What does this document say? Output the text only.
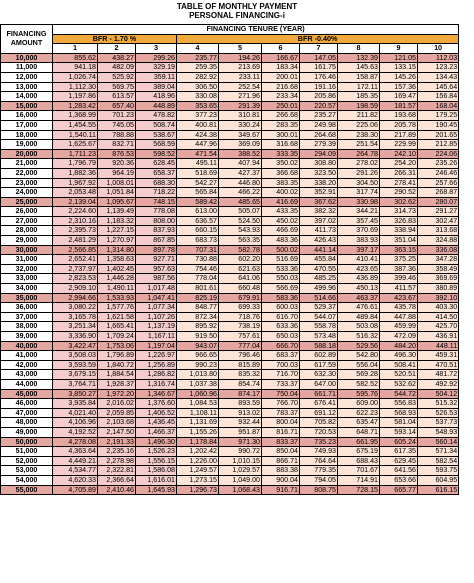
TABLE OF MONTHLY PAYMENT
PERSONAL FINANCING-i
FINANCING
AMOUNT	FINANCING TENURE (YEAR)									
	BFR - 1.70 %			BFR -0.40%						
	1	2	3	4	5	6	7	8	9	10
10,000	855.62	438.27	299.26	235.77	194.26	166.67	147.05	132.39	121.05	112.03
11,000	941.18	482.09	329.19	259.35	213.69	183.34	161.75	145.63	133.15	123.23
12,000	1,026.74	525.92	359.11	282.92	233.11	200.01	176.46	158.87	145.26	134.43
13,000	1,112.30	569.75	389.04	306.50	252.54	216.68	191.16	172.11	157.36	145.64
14,000	1,197.86	613.57	418.96	330.08	271.96	233.34	205.86	185.35	169.47	156.84
15,000	1,283.42	657.40	448.89	353.65	291.39	250.01	220.57	198.59	181.57	168.04
16,000	1,368.99	701.23	478.82	377.23	310.81	266.68	235.27	211.82	193.68	179.25
17,000	1,454.55	745.05	508.74	400.81	330.24	283.35	249.98	225.06	205.78	190.45
18,000	1,540.11	788.88	538.67	424.38	349.67	300.01	264.68	238.30	217.89	201.65
19,000	1,625.67	832.71	568.59	447.96	369.09	316.68	279.39	251.54	229.99	212.85
20,000	1,711.23	876.53	598.52	471.54	388.52	333.35	294.09	264.78	242.10	224.06
21,000	1,796.79	920.36	628.45	495.11	407.94	350.02	308.80	278.02	254.20	235.26
22,000	1,882.36	964.19	658.37	518.69	427.37	366.68	323.50	291.26	266.31	246.46
23,000	1,967.92	1,008.01	688.30	542.27	446.80	383.35	338.20	304.50	278.41	257.66
24,000	2,053.48	1,051.84	718.22	565.84	466.22	400.02	352.91	317.74	290.52	268.87
25,000	2,139.04	1,095.67	748.15	589.42	485.65	416.69	367.62	330.98	302.62	280.07
26,000	2,224.60	1,139.49	778.08	613.00	505.07	433.35	382.32	344.21	314.73	291.27
27,000	2,310.16	1,183.32	808.00	636.57	524.50	450.02	397.02	357.45	326.83	302.47
28,000	2,395.73	1,227.15	837.93	660.15	543.93	466.69	411.73	370.69	338.94	313.68
29,000	2,481.29	1,270.97	867.85	683.73	563.35	483.36	426.43	383.93	351.04	324.88
30,000	2,566.85	1,314.80	897.78	707.31	582.78	500.02	441.14	397.17	363.15	336.08
31,000	2,652.41	1,358.63	927.71	730.88	602.20	516.69	455.84	410.41	375.25	347.28
32,000	2,737.97	1,402.45	957.63	754.46	621.63	533.36	470.55	423.65	387.36	358.49
33,000	2,823.53	1,446.28	987.56	778.04	641.06	550.03	485.25	436.89	399.46	369.69
34,000	2,909.10	1,490.11	1,017.48	801.61	660.48	566.69	499.96	450.13	411.57	380.89
35,000	2,994.66	1,533.93	1,047.41	825.19	679.91	583.36	514.66	463.37	423.67	392.10
36,000	3,080.22	1,577.76	1,077.34	848.77	699.33	600.03	529.37	476.61	435.78	403.30
37,000	3,165.78	1,621.58	1,107.26	872.34	718.76	616.70	544.07	489.84	447.88	414.50
38,000	3,251.34	1,665.41	1,137.19	895.92	738.19	633.36	558.78	503.08	459.99	425.70
39,000	3,336.90	1,709.24	1,167.11	919.50	757.61	650.03	573.48	516.32	472.09	436.91
40,000	3,422.47	1,753.06	1,197.04	943.07	777.04	666.70	588.18	529.56	484.20	448.11
41,000	3,508.03	1,796.89	1,226.97	966.65	796.46	683.37	602.89	542.80	496.30	459.31
42,000	3,593.59	1,840.72	1,256.89	990.23	815.89	700.03	617.59	556.04	508.41	470.51
43,000	3,679.15	1,884.54	1,286.82	1,013.80	835.32	716.70	632.30	569.28	520.51	481.72
44,000	3,764.71	1,928.37	1,316.74	1,037.38	854.74	733.37	647.00	582.52	532.62	492.92
45,000	3,850.27	1,972.20	1,346.67	1,060.96	874.17	750.04	661.71	595.76	544.72	504.12
46,000	3,935.84	2,016.02	1,376.60	1,084.53	893.59	766.70	676.41	609.00	556.83	515.32
47,000	4,021.40	2,059.85	1,406.52	1,108.11	913.02	783.37	691.12	622.23	568.93	526.53
48,000	4,106.96	2,103.68	1,436.45	1,131.69	932.44	800.04	705.82	635.47	581.04	537.73
49,000	4,192.52	2,147.50	1,466.37	1,155.26	951.87	816.71	720.53	648.71	593.14	548.93
50,000	4,278.08	2,191.33	1,496.30	1,178.84	971.30	833.37	735.23	661.95	605.24	560.14
51,000	4,363.64	2,235.16	1,526.23	1,202.42	990.72	850.04	749.93	675.19	617.35	571.34
52,000	4,449.21	2,278.98	1,556.15	1,226.00	1,010.15	866.71	764.64	688.43	629.45	582.54
53,000	4,534.77	2,322.81	1,586.08	1,249.57	1,029.57	883.38	779.35	701.67	641.56	593.75
54,000	4,620.33	2,366.64	1,616.01	1,273.15	1,049.00	900.04	794.05	714.91	653.66	604.95
55,000	4,705.89	2,410.46	1,645.93	1,296.73	1,068.43	916.71	808.75	728.15	665.77	616.15
